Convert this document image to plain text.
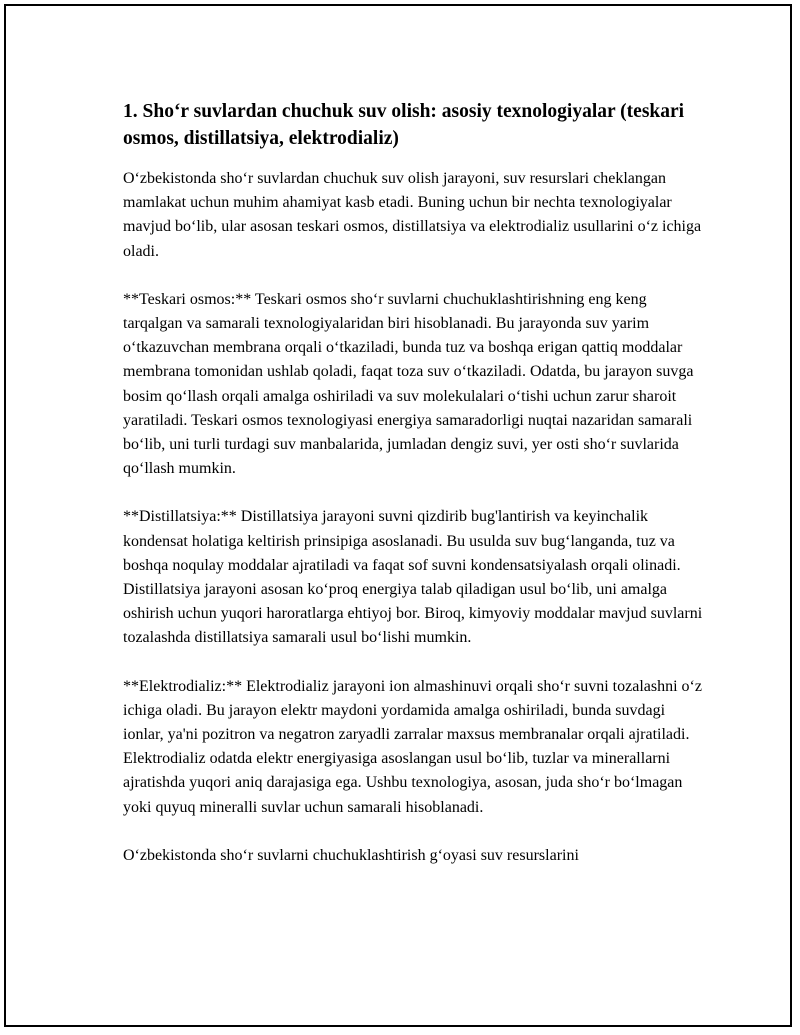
1. Sho‘r suvlardan chuchuk suv olish: asosiy texnologiyalar (teskari osmos, distillatsiya, elektrodializ)

O‘zbekistonda sho‘r suvlardan chuchuk suv olish jarayoni, suv resurslari cheklangan mamlakat uchun muhim ahamiyat kasb etadi. Buning uchun bir nechta texnologiyalar mavjud bo‘lib, ular asosan teskari osmos, distillatsiya va elektrodializ usullarini o‘z ichiga oladi.

**Teskari osmos:** Teskari osmos sho‘r suvlarni chuchuklashtirishning eng keng tarqalgan va samarali texnologiyalaridan biri hisoblanadi. Bu jarayonda suv yarim o‘tkazuvchan membrana orqali o‘tkaziladi, bunda tuz va boshqa erigan qattiq moddalar membrana tomonidan ushlab qoladi, faqat toza suv o‘tkaziladi. Odatda, bu jarayon suvga bosim qo‘llash orqali amalga oshiriladi va suv molekulalari o‘tishi uchun zarur sharoit yaratiladi. Teskari osmos texnologiyasi energiya samaradorligi nuqtai nazaridan samarali bo‘lib, uni turli turdagi suv manbalarida, jumladan dengiz suvi, yer osti sho‘r suvlarida qo‘llash mumkin.

**Distillatsiya:** Distillatsiya jarayoni suvni qizdirib bug'lantirish va keyinchalik kondensat holatiga keltirish prinsipiga asoslanadi. Bu usulda suv bug‘langanda, tuz va boshqa noqulay moddalar ajratiladi va faqat sof suvni kondensatsiyalash orqali olinadi. Distillatsiya jarayoni asosan ko‘proq energiya talab qiladigan usul bo‘lib, uni amalga oshirish uchun yuqori haroratlarga ehtiyoj bor. Biroq, kimyoviy moddalar mavjud suvlarni tozalashda distillatsiya samarali usul bo‘lishi mumkin.

**Elektrodializ:** Elektrodializ jarayoni ion almashinuvi orqali sho‘r suvni tozalashni o‘z ichiga oladi. Bu jarayon elektr maydoni yordamida amalga oshiriladi, bunda suvdagi ionlar, ya'ni pozitron va negatron zaryadli zarralar maxsus membranalar orqali ajratiladi. Elektrodializ odatda elektr energiyasiga asoslangan usul bo‘lib, tuzlar va minerallarni ajratishda yuqori aniq darajasiga ega. Ushbu texnologiya, asosan, juda sho‘r bo‘lmagan yoki quyuq mineralli suvlar uchun samarali hisoblanadi.

O‘zbekistonda sho‘r suvlarni chuchuklashtirish g‘oyasi suv resurslarini
